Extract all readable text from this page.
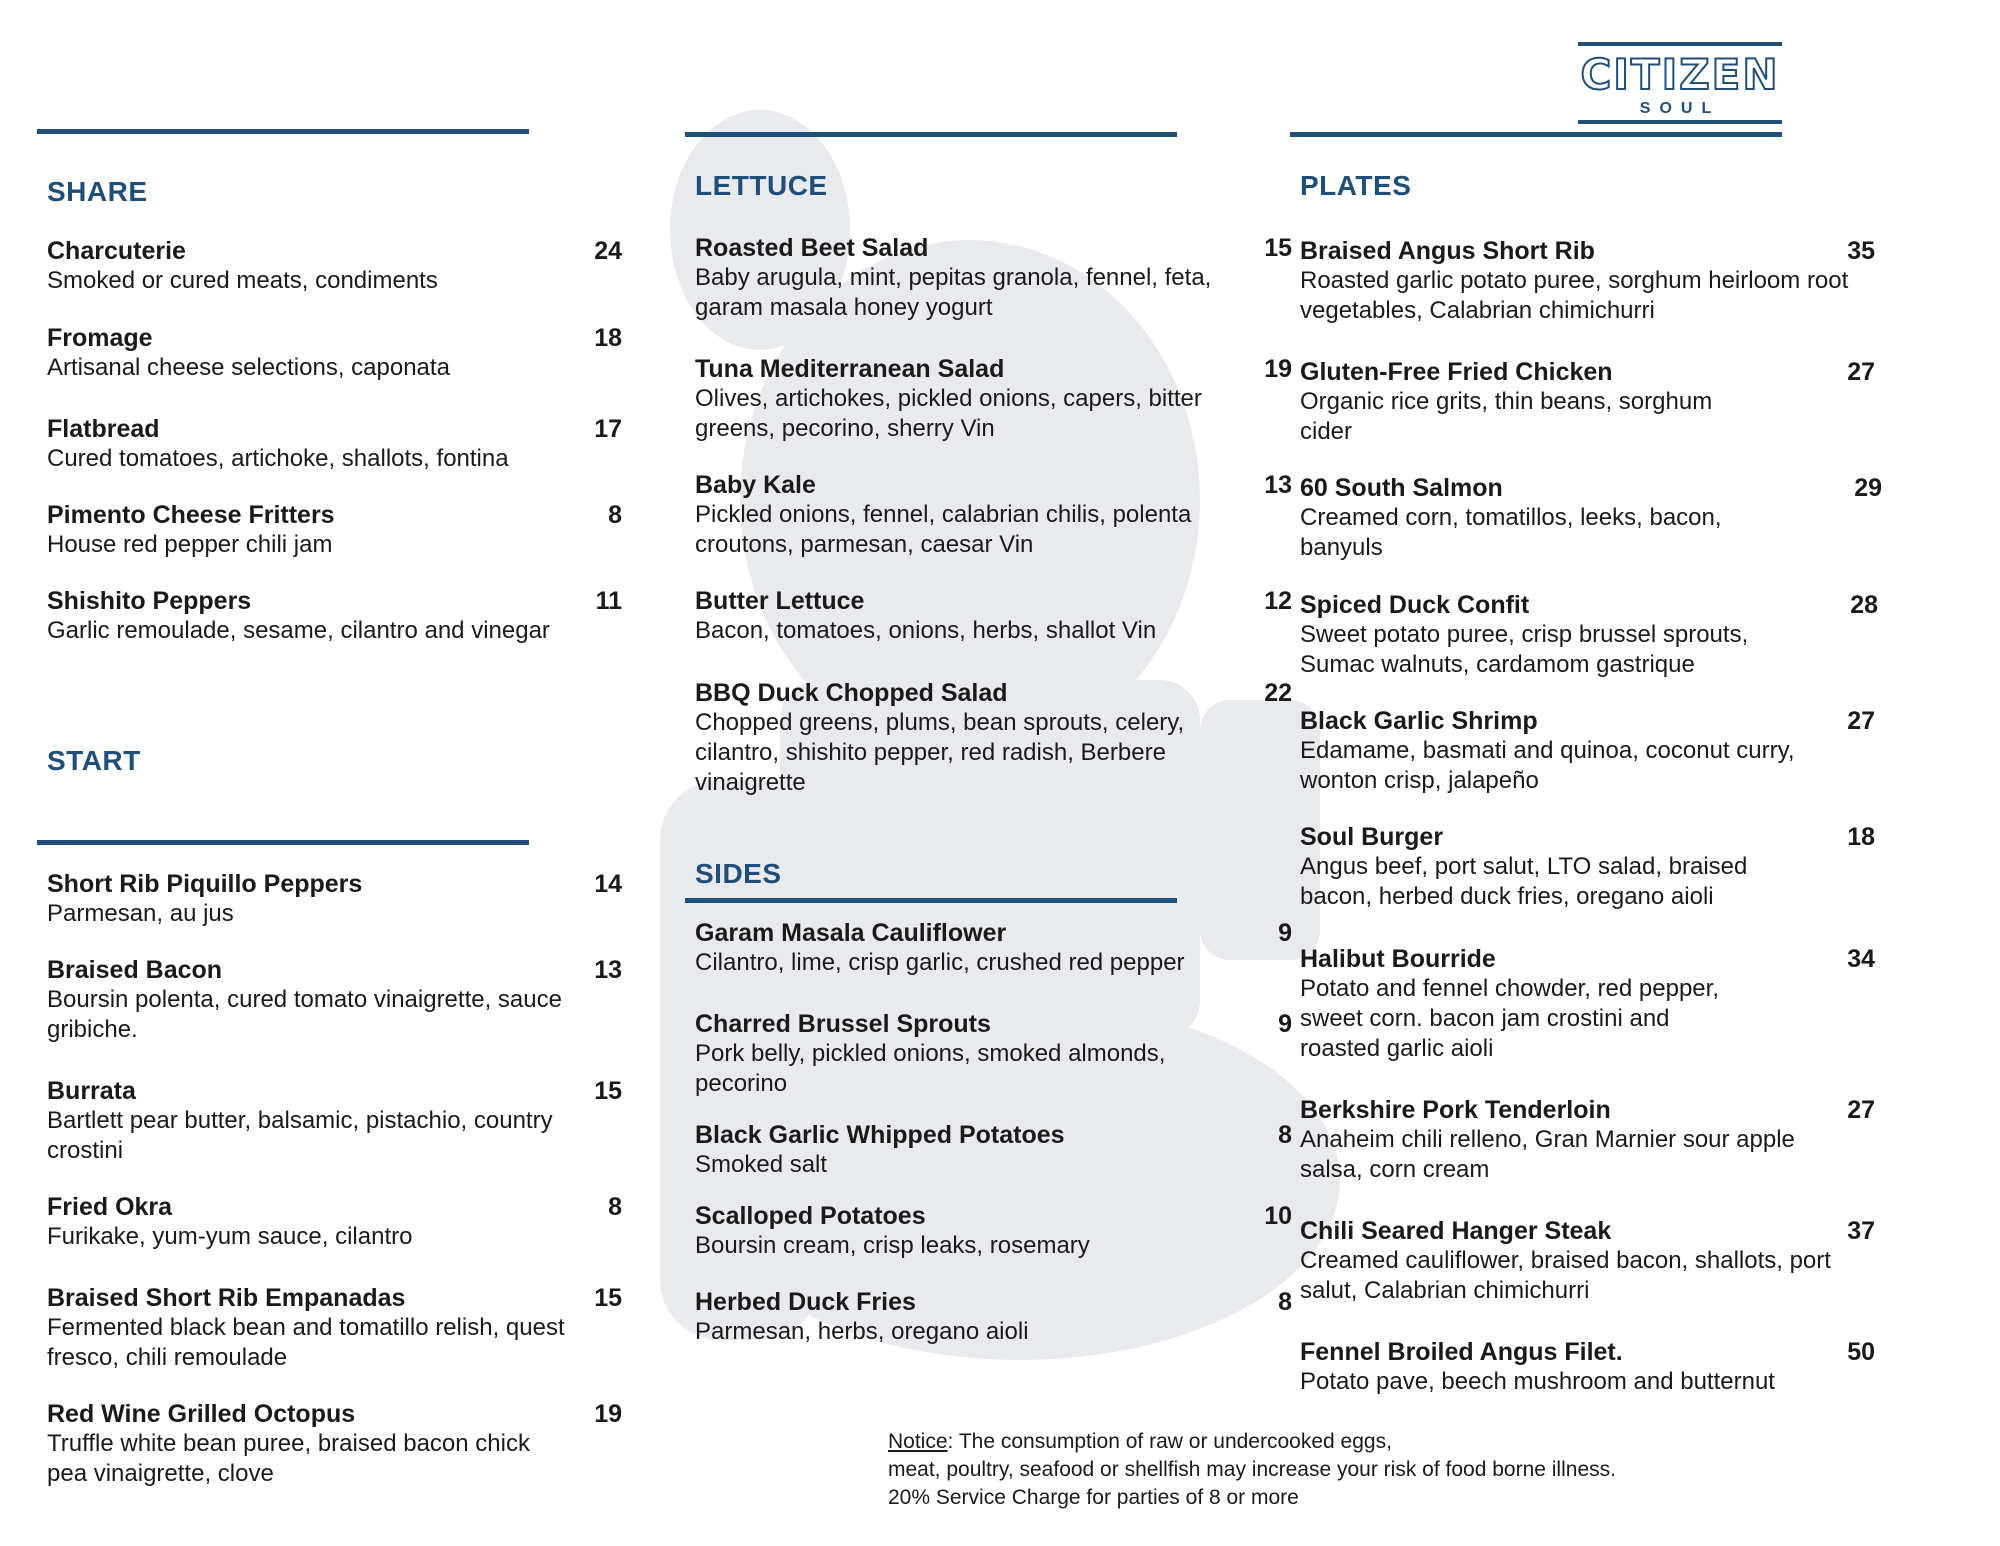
CITIZEN
SOUL
SHARE
Charcuterie
Smoked or cured meats, condiments
24
Fromage
Artisanal cheese selections, caponata
18
Flatbread
Cured tomatoes, artichoke, shallots, fontina
17
Pimento Cheese Fritters
House red pepper chili jam
8
Shishito Peppers
Garlic remoulade, sesame, cilantro and vinegar
11
START
Short Rib Piquillo Peppers
Parmesan, au jus
14
Braised Bacon
Boursin polenta, cured tomato vinaigrette, sauce gribiche.
13
Burrata
Bartlett pear butter, balsamic, pistachio, country crostini
15
Fried Okra
Furikake, yum-yum sauce, cilantro
8
Braised Short Rib Empanadas
Fermented black bean and tomatillo relish, quest fresco, chili remoulade
15
Red Wine Grilled Octopus
Truffle white bean puree, braised bacon chick pea vinaigrette, clove
19
LETTUCE
Roasted Beet Salad
Baby arugula, mint, pepitas granola, fennel, feta, garam masala honey yogurt
15
Tuna Mediterranean Salad
Olives, artichokes, pickled onions, capers, bitter greens, pecorino, sherry Vin
19
Baby Kale
Pickled onions, fennel, calabrian chilis, polenta croutons, parmesan, caesar Vin
13
Butter Lettuce
Bacon, tomatoes, onions, herbs, shallot Vin
12
BBQ Duck Chopped Salad
Chopped greens, plums, bean sprouts, celery, cilantro, shishito pepper, red radish, Berbere vinaigrette
22
SIDES
Garam Masala Cauliflower
Cilantro, lime, crisp garlic, crushed red pepper
9
Charred Brussel Sprouts
Pork belly, pickled onions, smoked almonds, pecorino
9
Black Garlic Whipped Potatoes
Smoked salt
8
Scalloped Potatoes
Boursin cream, crisp leaks, rosemary
10
Herbed Duck Fries
Parmesan, herbs, oregano aioli
8
PLATES
Braised Angus Short Rib
Roasted garlic potato puree, sorghum heirloom root vegetables, Calabrian chimichurri
35
Gluten-Free Fried Chicken
Organic rice grits, thin beans, sorghum cider
27
60 South Salmon
Creamed corn, tomatillos, leeks, bacon, banyuls
29
Spiced Duck Confit
Sweet potato puree, crisp brussel sprouts, Sumac walnuts, cardamom gastrique
28
Black Garlic Shrimp
Edamame, basmati and quinoa, coconut curry, wonton crisp, jalapeño
27
Soul Burger
Angus beef, port salut, LTO salad, braised bacon, herbed duck fries, oregano aioli
18
Halibut Bourride
Potato and fennel chowder, red pepper, sweet corn. bacon jam crostini and roasted garlic aioli
34
Berkshire Pork Tenderloin
Anaheim chili relleno, Gran Marnier sour apple salsa, corn cream
27
Chili Seared Hanger Steak
Creamed cauliflower, braised bacon, shallots, port salut, Calabrian chimichurri
37
Fennel Broiled Angus Filet.
Potato pave, beech mushroom and butternut
50
Notice: The consumption of raw or undercooked eggs,
meat, poultry, seafood or shellfish may increase your risk of food borne illness.
20% Service Charge for parties of 8 or more
